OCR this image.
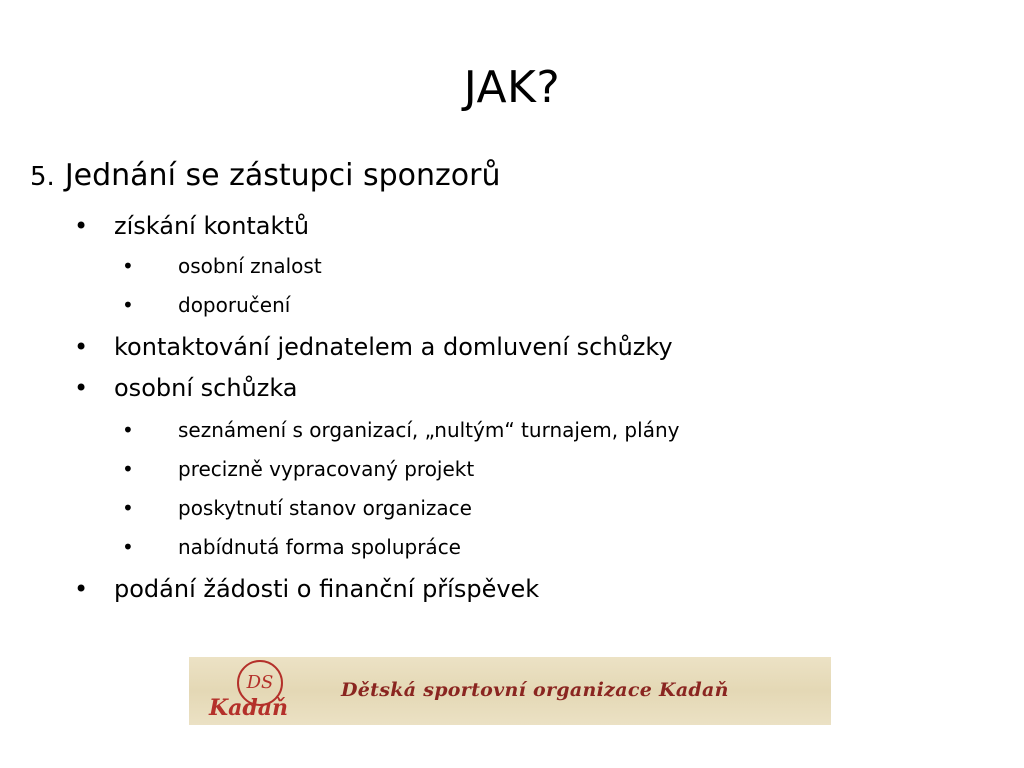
JAK?
5. Jednání se zástupci sponzorů
• získání kontaktů
• osobní znalost
• doporučení
• kontaktování jednatelem a domluvení schůzky
• osobní schůzka
• seznámení s organizací, „nultým“ turnajem, plány
• precizně vypracovaný projekt
• poskytnutí stanov organizace
• nabídnutá forma spolupráce
• podání žádosti o finanční příspěvek
DS
Kadaň
Dětská sportovní organizace Kadaň
